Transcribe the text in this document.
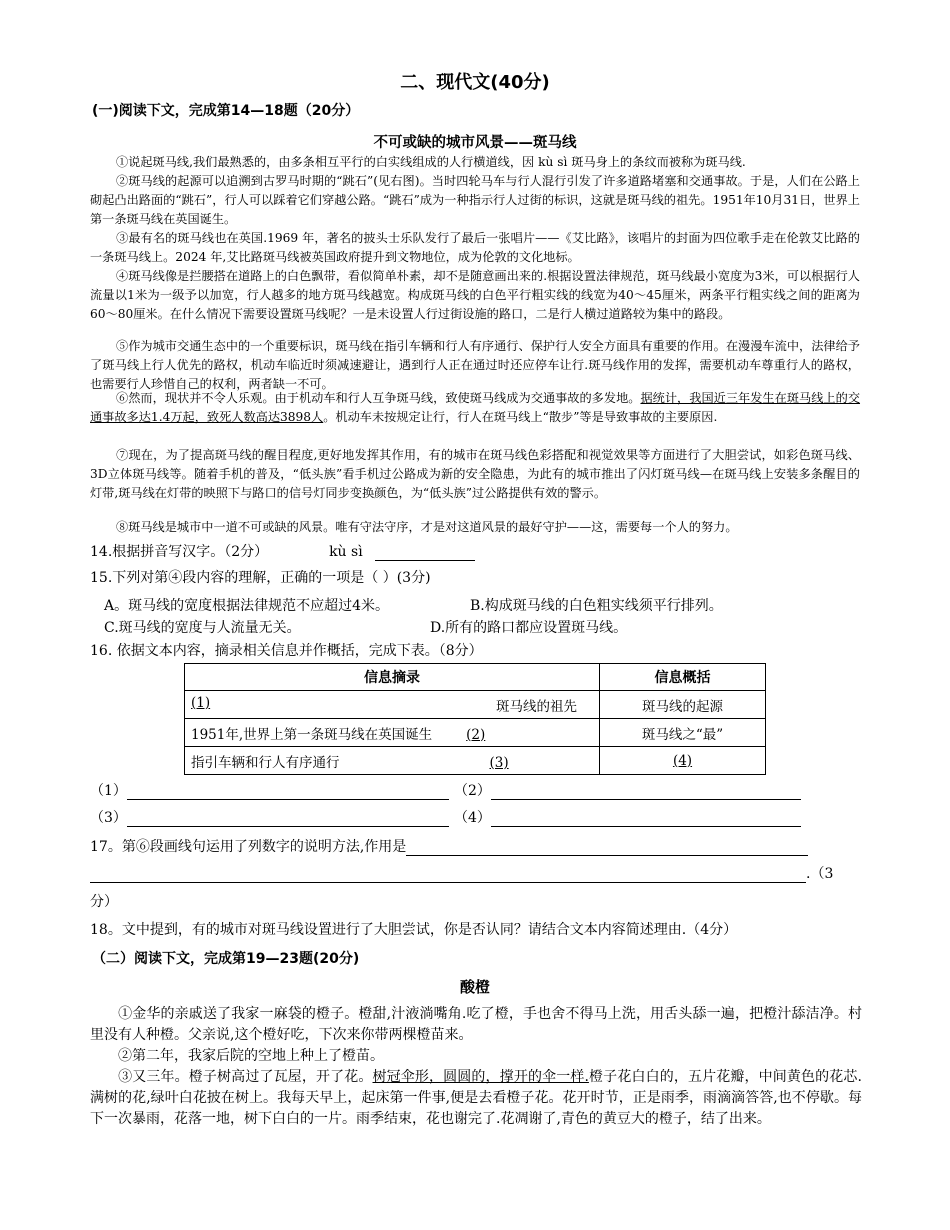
二、现代文(40分)
(一)阅读下文，完成第14—18题（20分）
不可或缺的城市风景——斑马线

①说起斑马线,我们最熟悉的，由多条相互平行的白实线组成的人行横道线，因 kù sì 斑马身上的条纹而被称为斑马线.

②斑马线的起源可以追溯到古罗马时期的“跳石”(见右图)。当时四轮马车与行人混行引发了许多道路堵塞和交通事故。于是，人们在公路上砌起凸出路面的“跳石”，行人可以踩着它们穿越公路。“跳石”成为一种指示行人过街的标识，这就是斑马线的祖先。1951年10月31日，世界上第一条斑马线在英国诞生。

③最有名的斑马线也在英国.1969 年，著名的披头士乐队发行了最后一张唱片——《艾比路》，该唱片的封面为四位歌手走在伦敦艾比路的一条斑马线上。2024 年,艾比路斑马线被英国政府提升到文物地位，成为伦敦的文化地标。

④斑马线像是拦腰搭在道路上的白色飘带，看似简单朴素，却不是随意画出来的.根据设置法律规范，斑马线最小宽度为3米，可以根据行人流量以1米为一级予以加宽，行人越多的地方斑马线越宽。构成斑马线的白色平行粗实线的线宽为40～45厘米，两条平行粗实线之间的距离为60～80厘米。在什么情况下需要设置斑马线呢？一是未设置人行过街设施的路口，二是行人横过道路较为集中的路段。

⑤作为城市交通生态中的一个重要标识，斑马线在指引车辆和行人有序通行、保护行人安全方面具有重要的作用。在漫漫车流中，法律给予了斑马线上行人优先的路权，机动车临近时须减速避让，遇到行人正在通过时还应停车让行.斑马线作用的发挥，需要机动车尊重行人的路权，也需要行人珍惜自己的权利，两者缺一不可。

⑥然而，现状并不令人乐观。由于机动车和行人互争斑马线，致使斑马线成为交通事故的多发地。据统计，我国近三年发生在斑马线上的交通事故多达1.4万起，致死人数高达3898人。机动车未按规定让行，行人在斑马线上“散步”等是导致事故的主要原因.

⑦现在，为了提高斑马线的醒目程度,更好地发挥其作用，有的城市在斑马线色彩搭配和视觉效果等方面进行了大胆尝试，如彩色斑马线、3D立体斑马线等。随着手机的普及，“低头族”看手机过公路成为新的安全隐患，为此有的城市推出了闪灯斑马线—在斑马线上安装多条醒目的灯带,斑马线在灯带的映照下与路口的信号灯同步变换颜色，为“低头族”过公路提供有效的警示。

⑧斑马线是城市中一道不可或缺的风景。唯有守法守序，才是对这道风景的最好守护——这，需要每一个人的努力。

14.根据拼音写汉字。（2分）	kù sì
15.下列对第④段内容的理解，正确的一项是（ ）(3分)
A。斑马线的宽度根据法律规范不应超过4米。	B.构成斑马线的白色粗实线须平行排列。
C.斑马线的宽度与人流量无关。	D.所有的路口都应设置斑马线。
16. 依据文本内容，摘录相关信息并作概括，完成下表。（8分）
信息摘录	信息概括
(1) 斑马线的祖先	斑马线的起源
1951年,世界上第一条斑马线在英国诞生 (2)	斑马线之“最”
指引车辆和行人有序通行 (3)	(4)
（1）	（2）
（3）	（4）
17。第⑥段画线句运用了列数字的说明方法,作用是
.（3
分）
18。文中提到，有的城市对斑马线设置进行了大胆尝试，你是否认同？请结合文本内容简述理由.（4分）
（二）阅读下文，完成第19—23题(20分)
酸橙

①金华的亲戚送了我家一麻袋的橙子。橙甜,汁液淌嘴角.吃了橙，手也舍不得马上洗，用舌头舔一遍，把橙汁舔洁净。村里没有人种橙。父亲说,这个橙好吃，下次来你带两棵橙苗来。

②第二年，我家后院的空地上种上了橙苗。

③又三年。橙子树高过了瓦屋，开了花。树冠伞形，圆圆的，撑开的伞一样.橙子花白白的，五片花瓣，中间黄色的花芯.满树的花,绿叶白花披在树上。我每天早上，起床第一件事,便是去看橙子花。花开时节，正是雨季，雨滴滴答答,也不停歇。每下一次暴雨，花落一地，树下白白的一片。雨季结束，花也谢完了.花凋谢了,青色的黄豆大的橙子，结了出来。
